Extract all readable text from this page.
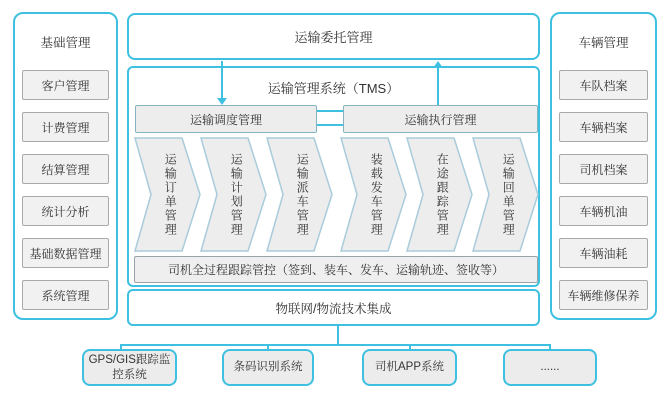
基础管理
客户管理
计费管理
结算管理
统计分析
基础数据管理
系统管理
车辆管理
车队档案
车辆档案
司机档案
车辆机油
车辆油耗
车辆维修保养
运输委托管理
运输管理系统（TMS）
运输调度管理	运输执行管理
运输订单管理	运输计划管理	运输派车管理	装载发车管理	在途跟踪管理	运输回单管理
司机全过程跟踪管控（签到、装车、发车、运输轨迹、签收等）
物联网/物流技术集成
GPS/GIS跟踪监控系统
条码识别系统	司机APP系统	......
